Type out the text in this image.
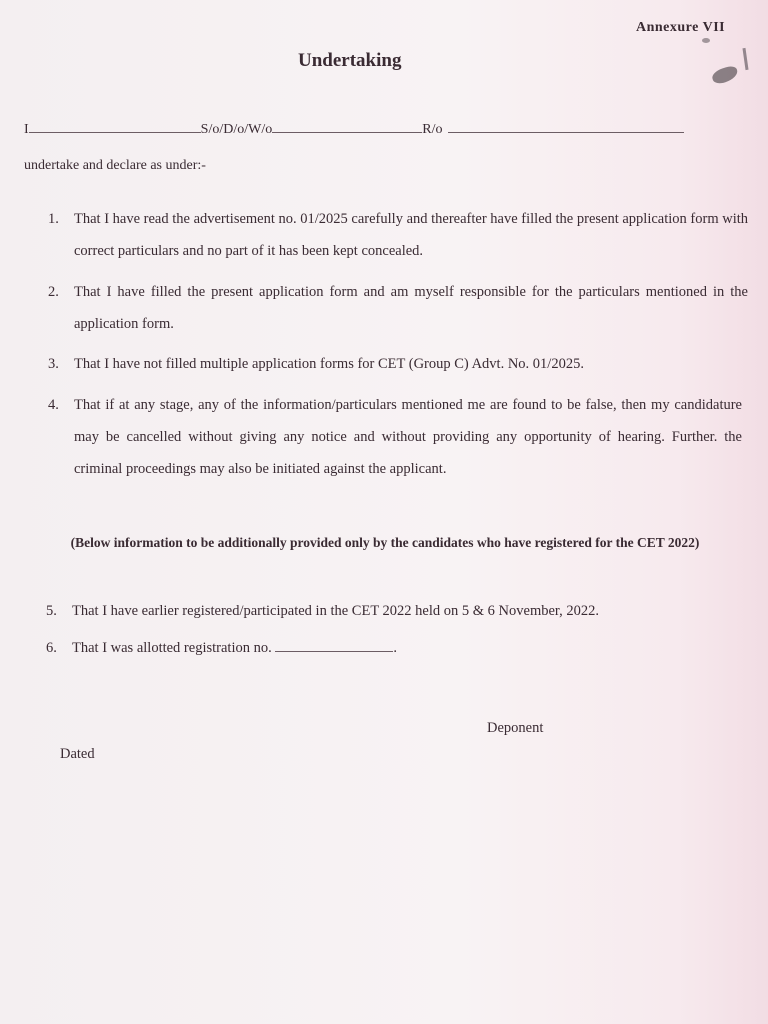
Annexure VII
Undertaking
I	S/o/D/o/W/o	R/o
undertake and declare as under:-
1. That I have read the advertisement no. 01/2025 carefully and thereafter have filled the present application form with correct particulars and no part of it has been kept concealed.
2. That I have filled the present application form and am myself responsible for the particulars mentioned in the application form.
3. That I have not filled multiple application forms for CET (Group C) Advt. No. 01/2025.
4. That if at any stage, any of the information/particulars mentioned me are found to be false, then my candidature may be cancelled without giving any notice and without providing any opportunity of hearing. Further. the criminal proceedings may also be initiated against the applicant.
(Below information to be additionally provided only by the candidates who have registered for the CET 2022)
5. That I have earlier registered/participated in the CET 2022 held on 5 & 6 November, 2022.
6. That I was allotted registration no.	.
Deponent
Dated
